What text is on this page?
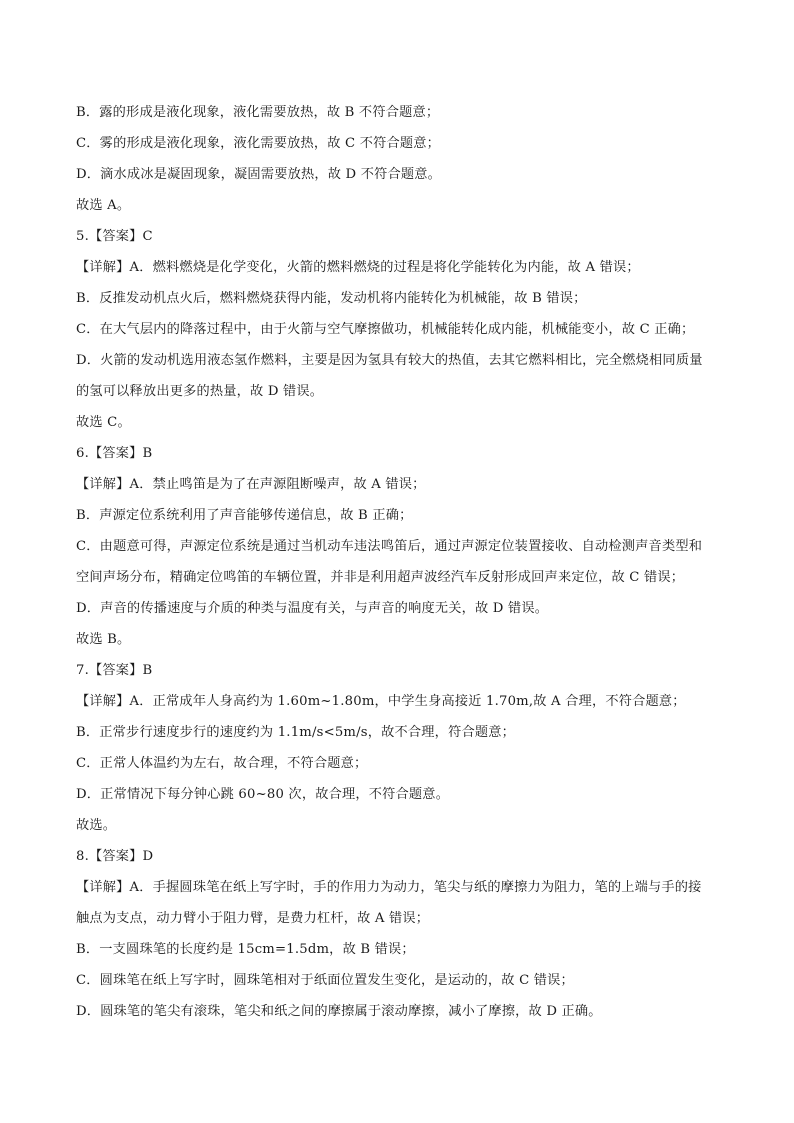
B．露的形成是液化现象，液化需要放热，故 B 不符合题意；
C．雾的形成是液化现象，液化需要放热，故 C 不符合题意；
D．滴水成冰是凝固现象，凝固需要放热，故 D 不符合题意。
故选 A。
5.【答案】C
【详解】A．燃料燃烧是化学变化，火箭的燃料燃烧的过程是将化学能转化为内能，故 A 错误；
B．反推发动机点火后，燃料燃烧获得内能，发动机将内能转化为机械能，故 B 错误；
C．在大气层内的降落过程中，由于火箭与空气摩擦做功，机械能转化成内能，机械能变小，故 C 正确；
D．火箭的发动机选用液态氢作燃料，主要是因为氢具有较大的热值，去其它燃料相比，完全燃烧相同质量
的氢可以释放出更多的热量，故 D 错误。
故选 C。
6.【答案】B
【详解】A．禁止鸣笛是为了在声源阻断噪声，故 A 错误；
B．声源定位系统利用了声音能够传递信息，故 B 正确；
C．由题意可得，声源定位系统是通过当机动车违法鸣笛后，通过声源定位装置接收、自动检测声音类型和
空间声场分布，精确定位鸣笛的车辆位置，并非是利用超声波经汽车反射形成回声来定位，故 C 错误；
D．声音的传播速度与介质的种类与温度有关，与声音的响度无关，故 D 错误。
故选 B。
7.【答案】B
【详解】A．正常成年人身高约为 1.60m~1.80m，中学生身高接近 1.70m,故 A 合理，不符合题意；
B．正常步行速度步行的速度约为 1.1m/s<5m/s，故不合理，符合题意；
C．正常人体温约为左右，故合理，不符合题意；
D．正常情况下每分钟心跳 60~80 次，故合理，不符合题意。
故选。
8.【答案】D
【详解】A．手握圆珠笔在纸上写字时，手的作用力为动力，笔尖与纸的摩擦力为阻力，笔的上端与手的接
触点为支点，动力臂小于阻力臂，是费力杠杆，故 A 错误；
B．一支圆珠笔的长度约是 15cm=1.5dm，故 B 错误；
C．圆珠笔在纸上写字时，圆珠笔相对于纸面位置发生变化，是运动的，故 C 错误；
D．圆珠笔的笔尖有滚珠，笔尖和纸之间的摩擦属于滚动摩擦，减小了摩擦，故 D 正确。
